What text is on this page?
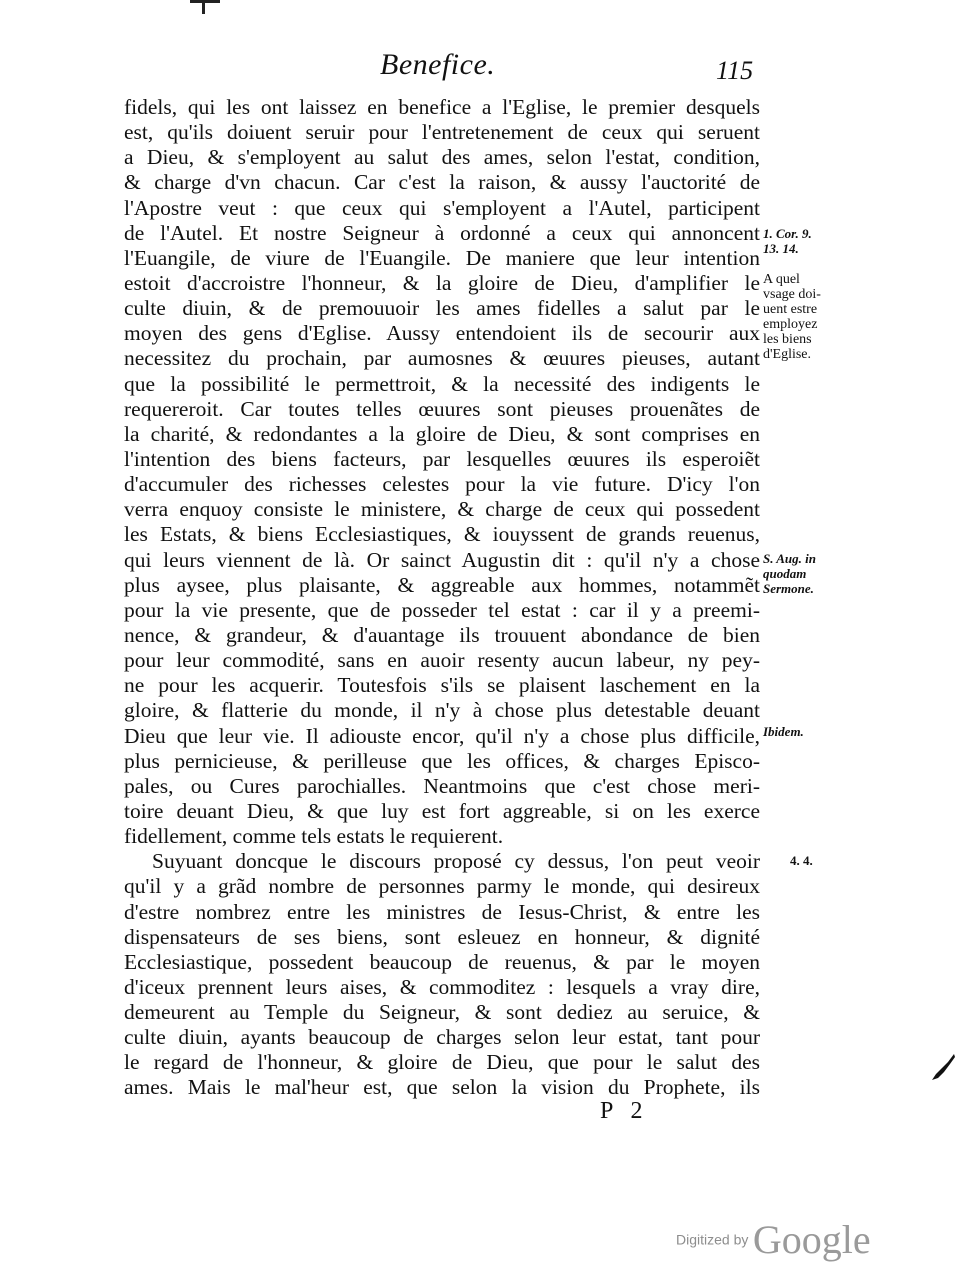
Benefice.	115
fidels, qui les ont laissez en benefice a l'Eglise, le premier desquels
est, qu'ils doiuent seruir pour l'entretenement de ceux qui seruent
a Dieu, & s'employent au salut des ames, selon l'estat, condition,
& charge d'vn chacun. Car c'est la raison, & aussy l'auctorité de
l'Apostre veut : que ceux qui s'employent a l'Autel, participent
de l'Autel. Et nostre Seigneur à ordonné a ceux qui annoncent
l'Euangile, de viure de l'Euangile. De maniere que leur intention
estoit d'accroistre l'honneur, & la gloire de Dieu, d'amplifier le
culte diuin, & de premouuoir les ames fidelles a salut par le
moyen des gens d'Eglise. Aussy entendoient ils de secourir aux
necessitez du prochain, par aumosnes & œuures pieuses, autant
que la possibilité le permettroit, & la necessité des indigents le
requereroit. Car toutes telles œuures sont pieuses prouenãtes de
la charité, & redondantes a la gloire de Dieu, & sont comprises en
l'intention des biens facteurs, par lesquelles œuures ils esperoiẽt
d'accumuler des richesses celestes pour la vie future. D'icy l'on
verra enquoy consiste le ministere, & charge de ceux qui possedent
les Estats, & biens Ecclesiastiques, & iouyssent de grands reuenus,
qui leurs viennent de là. Or sainct Augustin dit : qu'il n'y a chose
plus aysee, plus plaisante, & aggreable aux hommes, notammẽt
pour la vie presente, que de posseder tel estat : car il y a preemi-
nence, & grandeur, & d'auantage ils trouuent abondance de bien
pour leur commodité, sans en auoir resenty aucun labeur, ny pey-
ne pour les acquerir. Toutesfois s'ils se plaisent laschement en la
gloire, & flatterie du monde, il n'y à chose plus detestable deuant
Dieu que leur vie. Il adiouste encor, qu'il n'y a chose plus difficile,
plus pernicieuse, & perilleuse que les offices, & charges Episco-
pales, ou Cures parochialles. Neantmoins que c'est chose meri-
toire deuant Dieu, & que luy est fort aggreable, si on les exerce
fidellement, comme tels estats le requierent.
Suyuant doncque le discours proposé cy dessus, l'on peut veoir
qu'il y a grãd nombre de personnes parmy le monde, qui desireux
d'estre nombrez entre les ministres de Iesus-Christ, & entre les
dispensateurs de ses biens, sont esleuez en honneur, & dignité
Ecclesiastique, possedent beaucoup de reuenus, & par le moyen
d'iceux prennent leurs aises, & commoditez : lesquels a vray dire,
demeurent au Temple du Seigneur, & sont dediez au seruice, &
culte diuin, ayants beaucoup de charges selon leur estat, tant pour
le regard de l'honneur, & gloire de Dieu, que pour le salut des
ames. Mais le mal'heur est, que selon la vision du Prophete, ils
1. Cor. 9.
13. 14.
A quel
vsage doi-
uent estre
employez
les biens
d'Eglise.
S. Aug. in
quodam
Sermone.
Ibidem.
4. 4.
P 2
Digitized by Google
